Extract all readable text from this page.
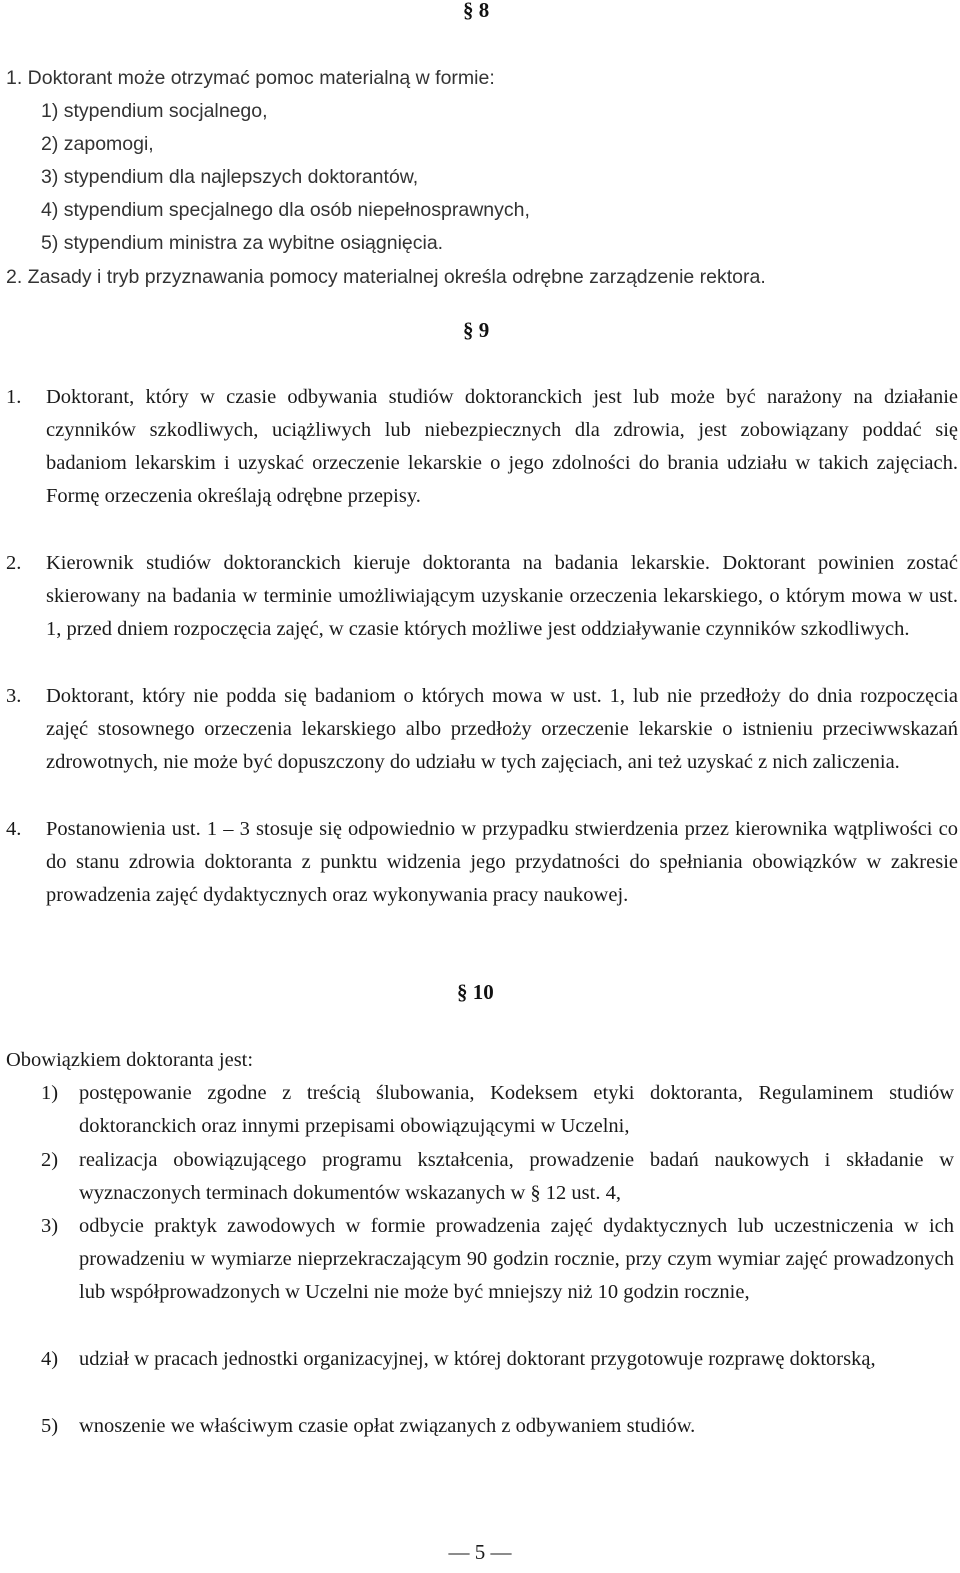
§ 8
1. Doktorant może otrzymać pomoc materialną w formie:
1) stypendium socjalnego,
2) zapomogi,
3) stypendium dla najlepszych doktorantów,
4) stypendium specjalnego dla osób niepełnosprawnych,
5) stypendium ministra za wybitne osiągnięcia.
2. Zasady i tryb przyznawania pomocy materialnej określa odrębne zarządzenie rektora.
§ 9
1. Doktorant, który w czasie odbywania studiów doktoranckich jest lub może być narażony na działanie czynników szkodliwych, uciążliwych lub niebezpiecznych dla zdrowia, jest zobowiązany poddać się badaniom lekarskim i uzyskać orzeczenie lekarskie o jego zdolności do brania udziału w takich zajęciach. Formę orzeczenia określają odrębne przepisy.
2. Kierownik studiów doktoranckich kieruje doktoranta na badania lekarskie. Doktorant powinien zostać skierowany na badania w terminie umożliwiającym uzyskanie orzeczenia lekarskiego, o którym mowa w ust. 1, przed dniem rozpoczęcia zajęć, w czasie których możliwe jest oddziaływanie czynników szkodliwych.
3. Doktorant, który nie podda się badaniom o których mowa w ust. 1, lub nie przedłoży do dnia rozpoczęcia zajęć stosownego orzeczenia lekarskiego albo przedłoży orzeczenie lekarskie o istnieniu przeciwwskazań zdrowotnych, nie może być dopuszczony do udziału w tych zajęciach, ani też uzyskać z nich zaliczenia.
4. Postanowienia ust. 1 – 3 stosuje się odpowiednio w przypadku stwierdzenia przez kierownika wątpliwości co do stanu zdrowia doktoranta z punktu widzenia jego przydatności do spełniania obowiązków w zakresie prowadzenia zajęć dydaktycznych oraz wykonywania pracy naukowej.
§ 10
Obowiązkiem doktoranta jest:
1) postępowanie zgodne z treścią ślubowania, Kodeksem etyki doktoranta, Regulaminem studiów doktoranckich oraz innymi przepisami obowiązującymi w Uczelni,
2) realizacja obowiązującego programu kształcenia, prowadzenie badań naukowych i składanie w wyznaczonych terminach dokumentów wskazanych w § 12 ust. 4,
3) odbycie praktyk zawodowych w formie prowadzenia zajęć dydaktycznych lub uczestniczenia w ich prowadzeniu w wymiarze nieprzekraczającym 90 godzin rocznie, przy czym wymiar zajęć prowadzonych lub współprowadzonych w Uczelni nie może być mniejszy niż 10 godzin rocznie,
4) udział w pracach jednostki organizacyjnej, w której doktorant przygotowuje rozprawę doktorską,
5) wnoszenie we właściwym czasie opłat związanych z odbywaniem studiów.
— 5 —
